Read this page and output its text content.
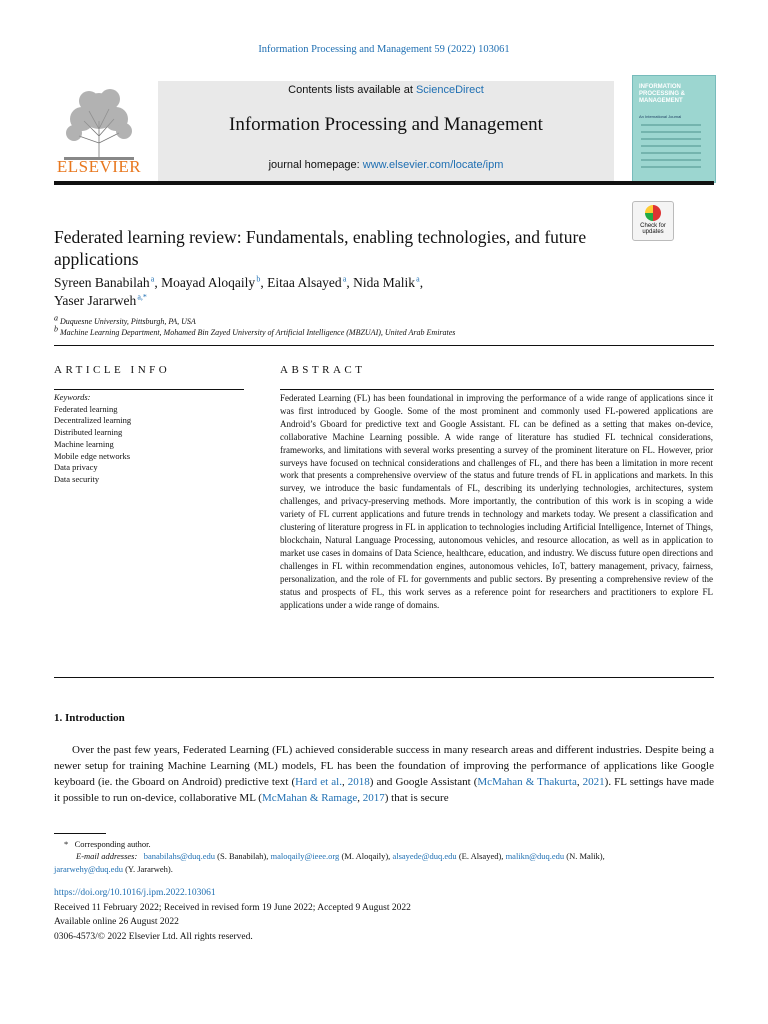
Information Processing and Management 59 (2022) 103061
ELSEVIER
Contents lists available at ScienceDirect
Information Processing and Management
journal homepage: www.elsevier.com/locate/ipm
INFORMATION PROCESSING & MANAGEMENT
An International Journal
Check for updates
Federated learning review: Fundamentals, enabling technologies, and future applications
Syreen Banabilah $^a$, Moayad Aloqaily $^b$, Eitaa Alsayed $^a$, Nida Malik $^a$,
Yaser Jararweh $^{a,*}$
$^a$ Duquesne University, Pittsburgh, PA, USA
$^b$ Machine Learning Department, Mohamed Bin Zayed University of Artificial Intelligence (MBZUAI), United Arab Emirates
ARTICLE INFO	ABSTRACT
Keywords:
Federated learning
Decentralized learning
Distributed learning
Machine learning
Mobile edge networks
Data privacy
Data security
Federated Learning (FL) has been foundational in improving the performance of a wide range of applications since it was first introduced by Google. Some of the most prominent and commonly used FL-powered applications are Android’s Gboard for predictive text and Google Assistant. FL can be defined as a setting that makes on-device, collaborative Machine Learning possible. A wide range of literature has studied FL technical considerations, frameworks, and limitations with several works presenting a survey of the prominent literature on FL. However, prior surveys have focused on technical considerations and challenges of FL, and there has been a limitation in more recent work that presents a comprehensive overview of the status and future trends of FL in applications and markets. In this survey, we introduce the basic fundamentals of FL, describing its underlying technologies, architectures, system challenges, and privacy-preserving methods. More importantly, the contribution of this work is in scoping a wide variety of FL current applications and future trends in technology and markets today. We present a classification and clustering of literature progress in FL in application to technologies including Artificial Intelligence, Internet of Things, blockchain, Natural Language Processing, autonomous vehicles, and resource allocation, as well as in application to market use cases in domains of Data Science, healthcare, education, and industry. We discuss future open directions and challenges in FL within recommendation engines, autonomous vehicles, IoT, battery management, privacy, fairness, personalization, and the role of FL for governments and public sectors. By presenting a comprehensive review of the status and prospects of FL, this work serves as a reference point for researchers and practitioners to explore FL applications under a wide range of domains.
1. Introduction
Over the past few years, Federated Learning (FL) achieved considerable success in many research areas and different industries. Despite being a newer setup for training Machine Learning (ML) models, FL has been the foundation of improving the performance of applications like Google keyboard (ie. the Gboard on Android) predictive text (Hard et al., 2018) and Google Assistant (McMahan & Thakurta, 2021). FL settings have made it possible to run on-device, collaborative ML (McMahan & Ramage, 2017) that is secure
* Corresponding author.
E-mail addresses: banabilahs@duq.edu (S. Banabilah), maloqaily@ieee.org (M. Aloqaily), alsayede@duq.edu (E. Alsayed), malikn@duq.edu (N. Malik),
jararwehy@duq.edu (Y. Jararweh).
https://doi.org/10.1016/j.ipm.2022.103061
Received 11 February 2022; Received in revised form 19 June 2022; Accepted 9 August 2022
Available online 26 August 2022
0306-4573/© 2022 Elsevier Ltd. All rights reserved.
